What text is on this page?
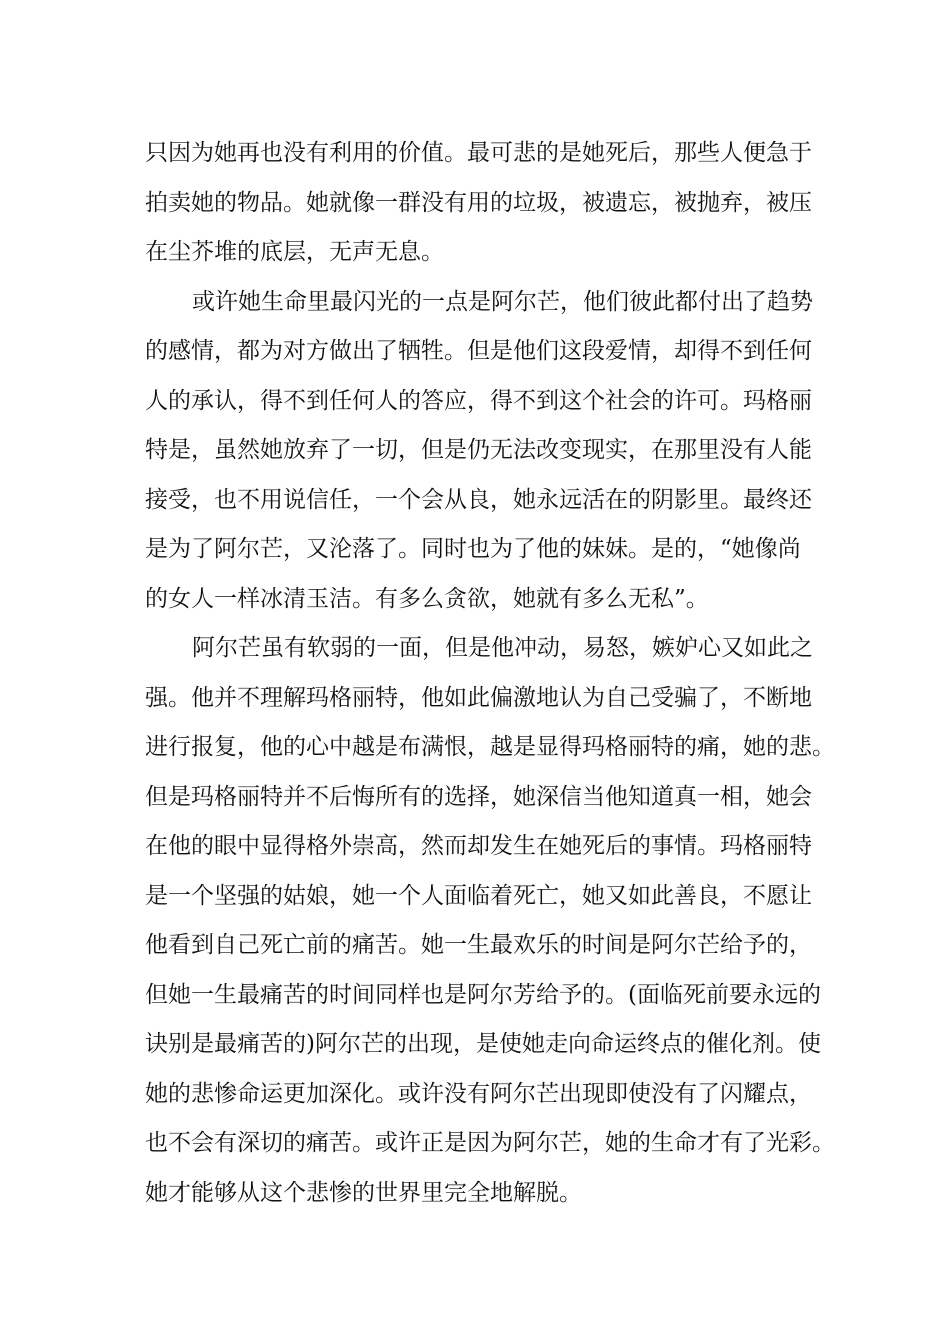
只因为她再也没有利用的价值。最可悲的是她死后，那些人便急于
拍卖她的物品。她就像一群没有用的垃圾，被遗忘，被抛弃，被压
在尘芥堆的底层，无声无息。
或许她生命里最闪光的一点是阿尔芒，他们彼此都付出了趋势
的感情，都为对方做出了牺牲。但是他们这段爱情，却得不到任何
人的承认，得不到任何人的答应，得不到这个社会的许可。玛格丽
特是，虽然她放弃了一切，但是仍无法改变现实，在那里没有人能
接受，也不用说信任，一个会从良，她永远活在的阴影里。最终还
是为了阿尔芒，又沦落了。同时也为了他的妹妹。是的，“她像尚
的女人一样冰清玉洁。有多么贪欲，她就有多么无私”。
阿尔芒虽有软弱的一面，但是他冲动，易怒，嫉妒心又如此之
强。他并不理解玛格丽特，他如此偏激地认为自己受骗了，不断地
进行报复，他的心中越是布满恨，越是显得玛格丽特的痛，她的悲。
但是玛格丽特并不后悔所有的选择，她深信当他知道真一相，她会
在他的眼中显得格外崇高，然而却发生在她死后的事情。玛格丽特
是一个坚强的姑娘，她一个人面临着死亡，她又如此善良，不愿让
他看到自己死亡前的痛苦。她一生最欢乐的时间是阿尔芒给予的，
但她一生最痛苦的时间同样也是阿尔芳给予的。(面临死前要永远的
诀别是最痛苦的)阿尔芒的出现，是使她走向命运终点的催化剂。使
她的悲惨命运更加深化。或许没有阿尔芒出现即使没有了闪耀点，
也不会有深切的痛苦。或许正是因为阿尔芒，她的生命才有了光彩。
她才能够从这个悲惨的世界里完全地解脱。
